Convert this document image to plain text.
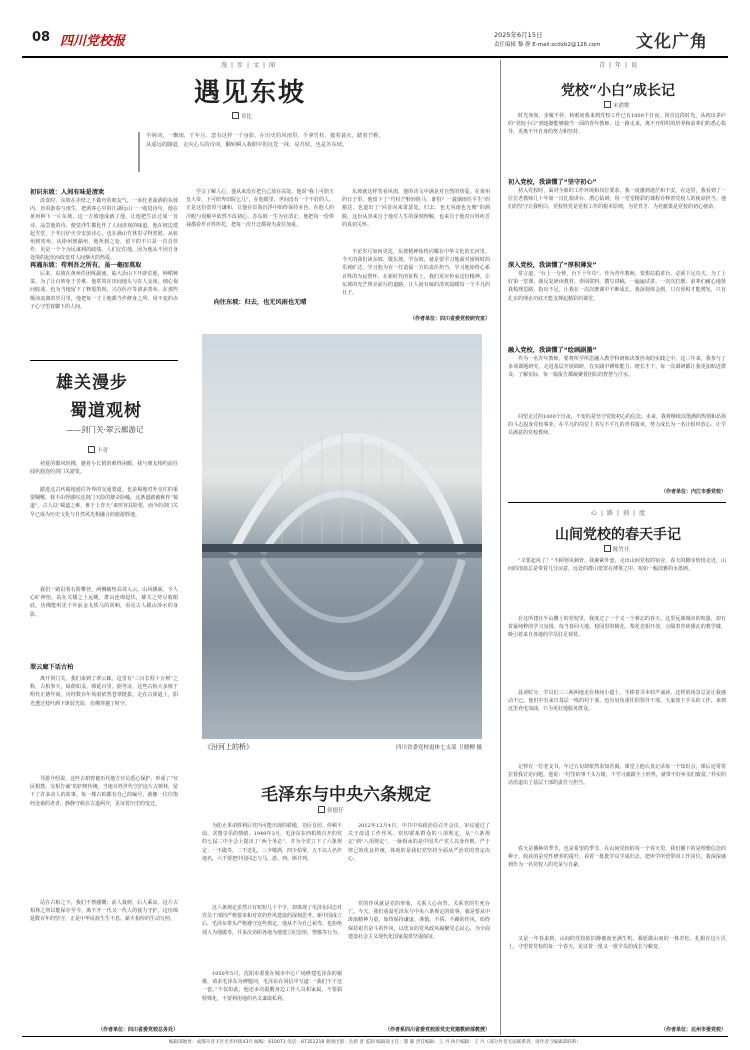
08 四川党校报	2025年6月15日
责任编辑 黎 静 E-mail:scdxb2@126.com 文化广角
漫|步|文|闻
遇见东坡
章比
半阕词，一飘雨，千年月。忽有这样一个身影，在历史的风雨里，手拿竹杖、披着蓑衣，踏着芒鞋，从遥远的隧道，走向心头的诗词，翻转瞬入我眼中的这苍一抹，是苏轼，也是苏东坡。
初识东坡：人间有味是清欢

淡食时，东坡在赤壁之下做舟的朋友气，一壶杜老油酒的东坡内，直看游春与雨生，把酒客心中的江湖远山一一收进诗句，他在黄州种下一片东坡，这一方坡地成就了他，让他把生活过成一首诗。品尝他的诗，便觉浮生都化作了人间清欢的味道。他在坡边建起雪堂，于冬日炉火旁安放诗心，也在满山竹林里寻得宽慰。从杭州到密州，从徐州到湖州，他所到之处，留下的不只是一首首佳作，更是一个个为民谋利的政绩。人们记住他，因为他从不因自身处境的起伏而改变对人间烟火的热爱。

再遇东坡：苟利吾之所有，虽一毫而莫取

后来，东坡在黄州任团练副使，临大冶山下开辟荒地，种稻种菜。为了让百姓免于苦难，他常常在田间地头与农人交谈，细心询问收成，也为当地留下了修堤筑坝、兴办医疗等诸多善举。在那些颠沛流离的岁月里，他把每一寸土地都当作修身之所，用不变的赤子心守望着脚下的人间。

学会了解人心，他从来没有把自己放在高处。他说“我上可陪玉皇大帝，下可陪卑田院乞儿”，在他眼里，世间没有一个不好的人。正是这份宽厚与谦和，让他在宦海沉浮中始终保持本色，在他人的冷眼与误解中依然不改初心。苏东坡一生为官清正，他把每一份俸禄都看作百姓所托，把每一次升迁都视为责任加重。

向往东坡：归去，也无风雨也无晴

东坡就这样笑看风雨，他的诗文中满是对自然的热爱。在黄州的日子里，他留下了“竹杖芒鞋轻胜马，谁怕？一蓑烟雨任平生”的豁达，也道出了“回首向来萧瑟处，归去，也无风雨也无晴”的洒脱。这份从容来自于他对人生的深刻理解，也来自于他对百姓疾苦的真切关怀。

不论岁月如何更迭，东坡精神始终闪耀在中华文化的长河里。今天的我们读东坡、敬东坡、学东坡，就是要学习他面对困境时的乐观旷达，学习他为官一任造福一方的责任担当，学习他始终心系百姓的为民情怀。在新时代的征程上，我们更应传承这份精神，让东坡的光芒照亮前行的道路，让人间有味的清欢温暖每一个平凡的日子。

（作者单位：四川省委党校研究室）
雄关漫步
蜀道观树
——剑门关·翠云廊游记
卜青

初夏的微风轻拂，趁着小长假的难得闲暇，我与朋友相约前往闻名遐迩的剑门关游览。

踏进这古代蜀地通往外界的交通要道，也是蜀地对外交往的重要咽喉，我不由得感叹这剑门天险的雄奇险峻。这条道路被称作“蜀道”，古人以“蜀道之难，难于上青天”来形容其险要，而今的剑门关早已成为历史文化与自然风光相融合的旅游胜地。

我们一路沿着石阶攀登，两侧峭壁高耸入云，山风拂面，令人心旷神怡。站在关楼之上远眺，群山连绵起伏，雄关之势尽收眼底，仿佛能听见千年前金戈铁马的回响，看见古人跋山涉水的身影。

翠云廊下话古柏

离开剑门关，我们来到了翠云廊。这里有“三百长程十万树”之称，古柏参天，绿荫如盖，绵延百里。据考证，这些古柏大多植于明代正德年间，历经数百年风雨依然苍翠挺拔。走在古驿道上，阳光透过枝叶洒下斑驳光影，仿佛穿越了时空。

导游介绍说，这些古柏曾被历代地方官员悉心保护，形成了“官民相禁，交相告诫”的护树传统。当地百姓世代守护这片古树林，留下了许多动人的故事。每一棵古柏都有自己的编号，就像一位位饱经沧桑的老者，静静守候在古道两旁，见证着历史的变迁。

站在古柏之下，我们不禁感慨：前人栽树，后人乘凉。这片古柏林之所以能保存至今，离不开一代又一代人的接力守护。这份绵延数百年的坚守，正是中华民族生生不息、薪火相传的生动写照。

（作者单位：四川省委党校总务处）
《汾河上的桥》	四川省委党校退休七支部 卫晓柳 摄
毛泽东与中央六条规定
侯德仔

为防止革命胜利后党内可能出现的骄傲、功臣自居、停顿不前、贪图享乐的情绪，1949年3月，毛泽东在西柏坡召开的党的七届二中全会上提出了“两个务必”，并为全党立下了六条规定：一不做寿，二不送礼，三少敬酒，四少拍掌，五不以人名作地名，六不要把中国同志与马、恩、列、斯并列。

这六条规定虽然只有短短几十个字，却体现了毛泽东同志对党员干部的严格要求和对党的作风建设的深刻思考。新中国成立后，毛泽东带头严格遵守这些规定，他从不为自己祝寿，也拒绝别人为他做寿，并多次劝阻各地为他建立纪念馆、塑像等行为。

1950年5月，沈阳市委要在城市中心广场修建毛泽东的铜像，请求毛泽东为碑题词，毛泽东在回信中写道：“我们不干这一套。”不仅如此，他还多次提醒身边工作人员和家属，不要搞特殊化，不要利用他的名义谋取私利。

2012年12月4日，中共中央政治局召开会议，审议通过了关于改进工作作风、密切联系群众的八项规定。从“六条规定”到“八项规定”，一脉相承的是中国共产党人以身作则、严于律己的优良传统，体现的是我们党坚持全面从严治党的坚定决心。

党的作风就是党的形象，关系人心向背，关系党的生死存亡。今天，我们重温毛泽东与中央六条规定的故事，就是要从中汲取精神力量，始终保持谦虚、谨慎、不骄、不躁的作风，始终保持艰苦奋斗的作风，以优良的党风政风凝聚党心民心，为全面建设社会主义现代化国家提供坚强保证。

（作者系四川省委党校原党史党建教研部教授）
青|年|说
党校“小白”成长记
宋俞歌

时光匆匆，步履不停，转眼间我来到党校工作已有1000个日夜。回首这段时光，从初出茅庐的“党校小白”到逐渐能够独当一面的青年教师，这一路走来，离不开组织的培养和前辈们的悉心指导，更离不开自身的努力和坚持。

初入党校，我读懂了“坚守初心”

初入党校时，面对全新的工作环境和岗位要求，我一度感到迷茫和不安。在这里，我看到了一位位老教师几十年如一日扎根讲台、潜心钻研，用一堂堂精彩的课程诠释着党校人的使命担当。他们的坚守让我明白，党校姓党是党校工作的根本原则，为党育才、为党献策是党校的初心使命。

深入党校，我读懂了“厚积薄发”

常言道，“台上一分钟，台下十年功”。作为青年教师，要想站稳讲台，必须下足功夫。为了上好第一堂课，我反复研读教材、查阅资料、撰写讲稿，一遍遍试讲、一次次打磨。前辈们耐心地帮我梳理思路、指出不足，让我在一次次磨课中不断成长。我深刻体会到，只有厚积才能薄发，只有扎实的理论功底才能支撑起精彩的课堂。

融入党校，我读懂了“绘画剧墨”

作为一名青年教师，要将所学所思融入教学科研和决策咨询的实践之中。这三年来，我参与了多项课题研究，走进基层开展调研，在实践中锤炼能力、增长才干。每一次调研都让我更加贴近群众、了解实际，每一篇报告都凝聚着团队的智慧与汗水。

回望走过的1000个日夜，不变的是坚守党校初心的信念。未来，我将继续以饱满的热情和昂扬的斗志投身党校事业，在平凡的岗位上书写不平凡的青春篇章，努力成长为一名让组织放心、让学员满意的党校教师。

（作者单位：内江市委党校）
心|路|刻|度
山间党校的春天手记
陈竹开

“又要起风了！”不顾寒风刺骨，我裹紧外套，走出山间党校的宿舍。春天的脚步悄悄走近，山间的清晨总是带着几分凉意，远处的群山笼罩在薄雾之中，宛如一幅淡雅的水墨画。

在这所建在半山腰上的党校里，我度过了一个又一个难忘的春天。这里远离城市的喧嚣，却有着最纯粹的学习氛围。每当春回大地，校园里的桃花、梨花竞相开放，点缀着青砖黛瓦的教学楼，吸引着来自各地的学员驻足观赏。

晨读时分，学员们三三两两地走在林间小道上，手捧着书本轻声诵读。这样的场景总是让我感动不已。他们中有来自基层一线的村干部，也有肩负重任的领导干部，大家放下手头的工作，来到这里充电加油，只为更好地服务群众。

记得有一位老支书，年过五旬却依然求知若渴。课堂上他认真记录每一个知识点，课后还常常拉着我讨论问题。他说：“村里的事千头万绪，不学习就跟不上形势，就带不好乡亲们致富。”朴实的话语道出了基层干部的责任与担当。

春天是播种的季节，也是希望的季节。在山间党校的每一个春天里，我们播下的是理想信念的种子，收获的是党性修养的提升。看着一批批学员学成归去，把所学所悟带回工作岗位，我深深感到作为一名党校人的光荣与自豪。

又是一年春来到，山间的党校依旧静谧而充满生机。我愿做山间的一株青松，扎根在这片沃土，守望着党校的每一个春天，见证着一批又一批学员的成长与蜕变。

（作者单位：达州市委党校）
编辑部地址：成都市青羊区光华村街43号 邮编：610073 电话：87351218 新闻出版：达新 普 监制 编辑部主任：黎 静 责任编辑：王 丹 执行编辑：王 丹（部分作者无法联系到，请作者与编辑部联系）
